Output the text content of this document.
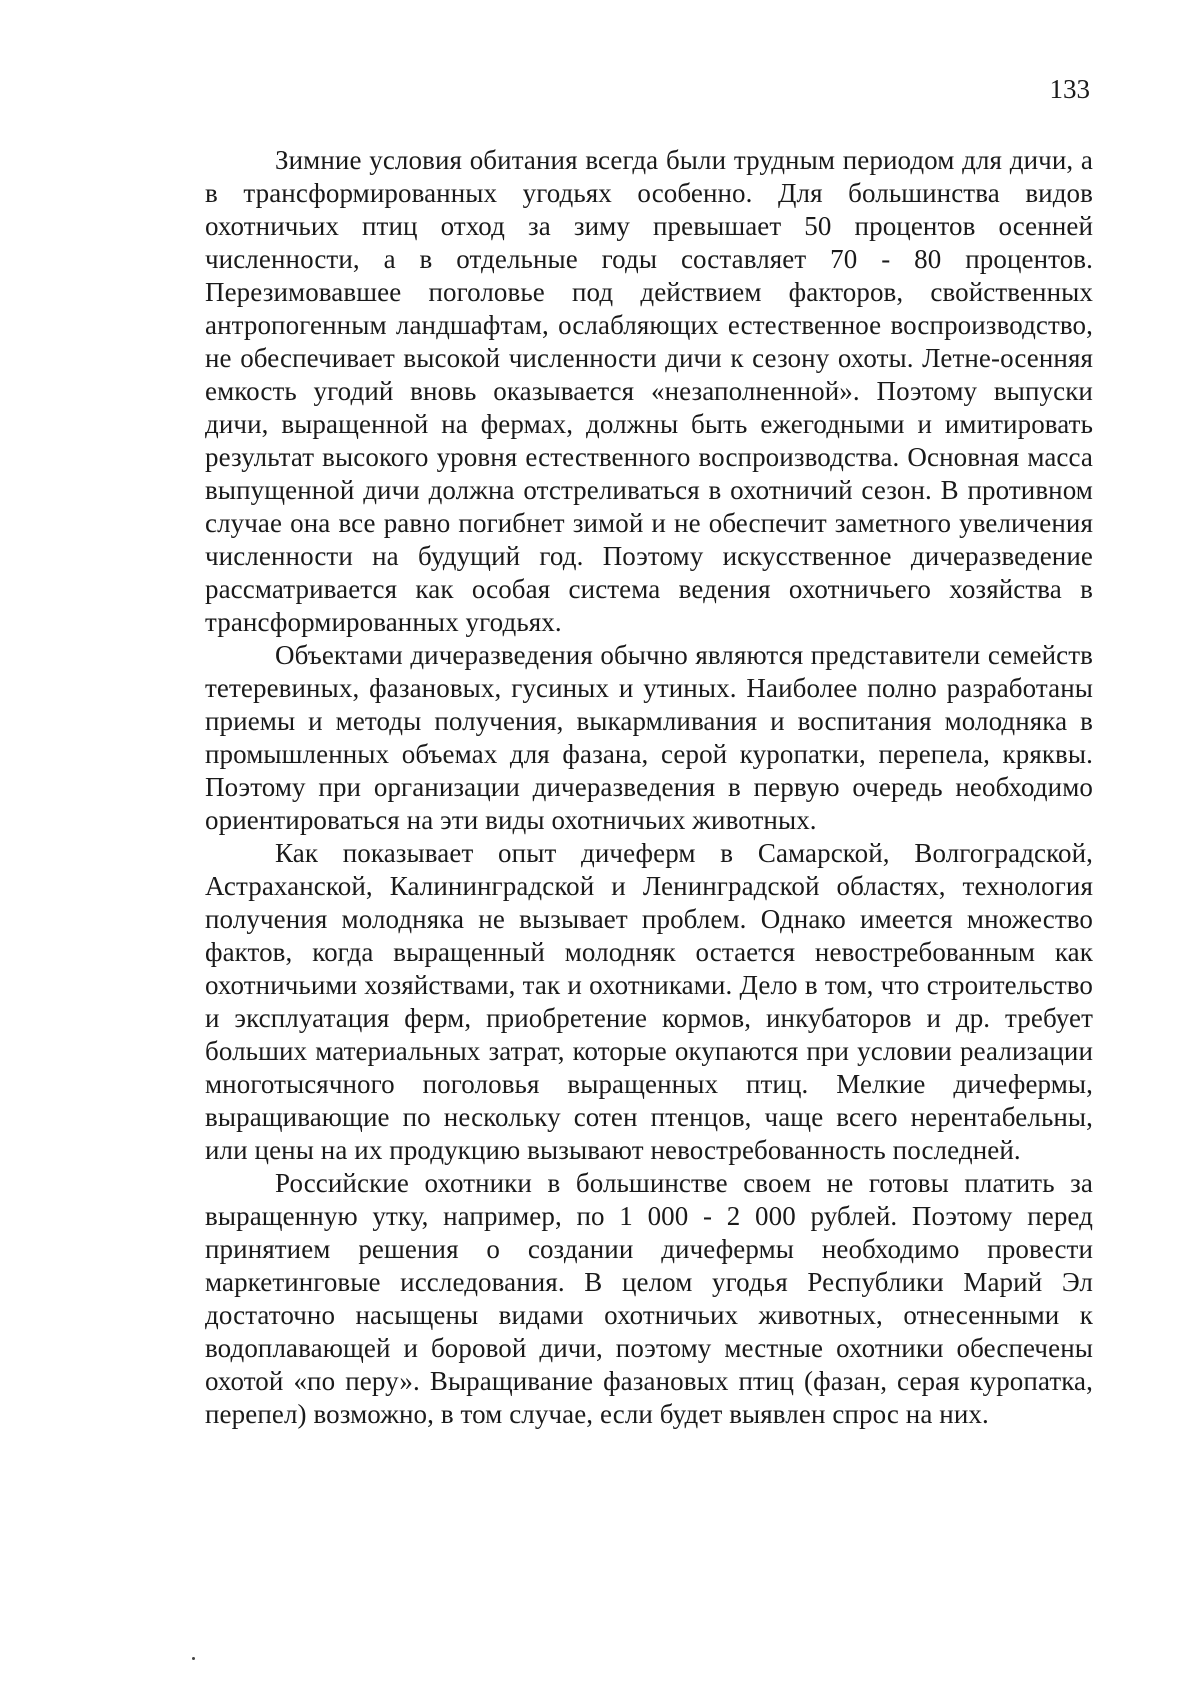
133

Зимние условия обитания всегда были трудным периодом для дичи, а в трансформированных угодьях особенно. Для большинства видов охотничьих птиц отход за зиму превышает 50 процентов осенней численности, а в отдельные годы составляет 70 - 80 процентов. Перезимовавшее поголовье под действием факторов, свойственных антропогенным ландшафтам, ослабляющих естественное воспроизводство, не обеспечивает высокой численности дичи к сезону охоты. Летне-осенняя емкость угодий вновь оказывается «незаполненной». Поэтому выпуски дичи, выращенной на фермах, должны быть ежегодными и имитировать результат высокого уровня естественного воспроизводства. Основная масса выпущенной дичи должна отстреливаться в охотничий сезон. В противном случае она все равно погибнет зимой и не обеспечит заметного увеличения численности на будущий год. Поэтому искусственное дичеразведение рассматривается как особая система ведения охотничьего хозяйства в трансформированных угодьях.

Объектами дичеразведения обычно являются представители семейств тетеревиных, фазановых, гусиных и утиных. Наиболее полно разработаны приемы и методы получения, выкармливания и воспитания молодняка в промышленных объемах для фазана, серой куропатки, перепела, кряквы. Поэтому при организации дичеразведения в первую очередь необходимо ориентироваться на эти виды охотничьих животных.

Как показывает опыт дичеферм в Самарской, Волгоградской, Астраханской, Калининградской и Ленинградской областях, технология получения молодняка не вызывает проблем. Однако имеется множество фактов, когда выращенный молодняк остается невостребованным как охотничьими хозяйствами, так и охотниками. Дело в том, что строительство и эксплуатация ферм, приобретение кормов, инкубаторов и др. требует больших материальных затрат, которые окупаются при условии реализации многотысячного поголовья выращенных птиц. Мелкие дичефермы, выращивающие по нескольку сотен птенцов, чаще всего нерентабельны, или цены на их продукцию вызывают невостребованность последней.

Российские охотники в большинстве своем не готовы платить за выращенную утку, например, по 1 000 - 2 000 рублей. Поэтому перед принятием решения о создании дичефермы необходимо провести маркетинговые исследования. В целом угодья Республики Марий Эл достаточно насыщены видами охотничьих животных, отнесенными к водоплавающей и боровой дичи, поэтому местные охотники обеспечены охотой «по перу». Выращивание фазановых птиц (фазан, серая куропатка, перепел) возможно, в том случае, если будет выявлен спрос на них.
